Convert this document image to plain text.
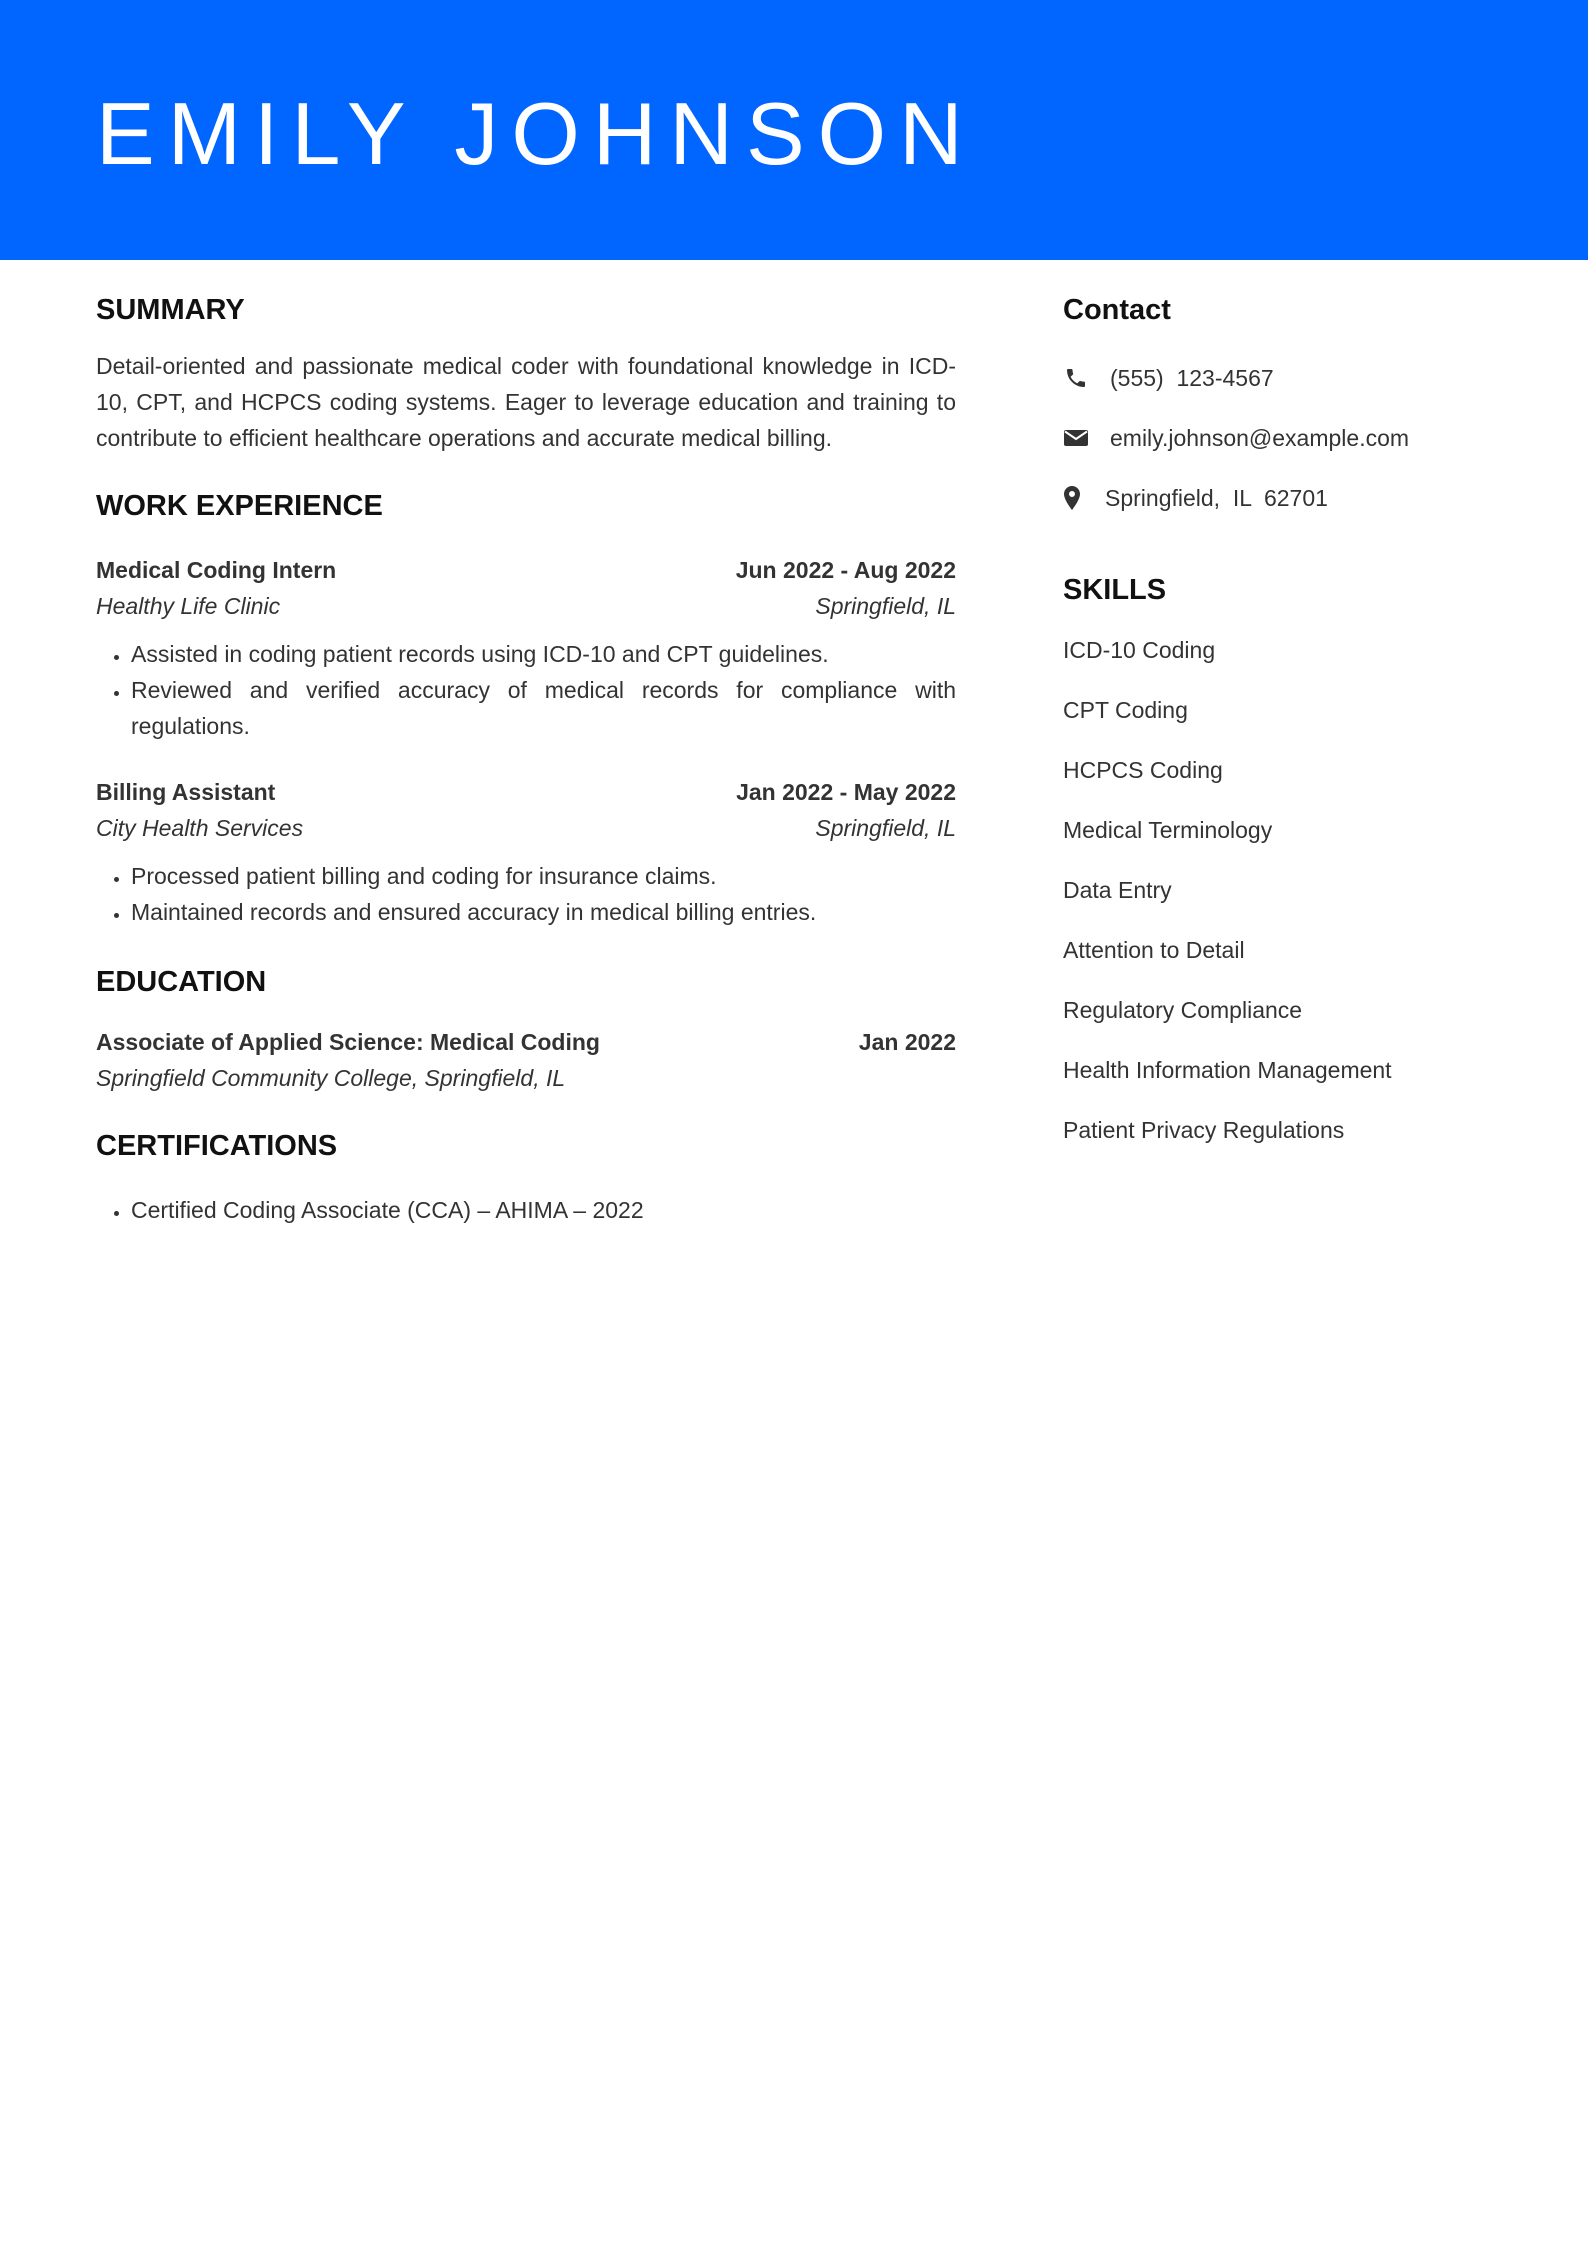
EMILY JOHNSON
SUMMARY

Detail-oriented and passionate medical coder with foundational knowledge in ICD-10, CPT, and HCPCS coding systems. Eager to leverage education and training to contribute to efficient healthcare operations and accurate medical billing.

WORK EXPERIENCE
Medical Coding Intern	Jun 2022 - Aug 2022
Healthy Life Clinic	Springfield, IL
• Assisted in coding patient records using ICD-10 and CPT guidelines.
• Reviewed and verified accuracy of medical records for compliance with regulations.
Billing Assistant	Jan 2022 - May 2022
City Health Services	Springfield, IL
• Processed patient billing and coding for insurance claims.
• Maintained records and ensured accuracy in medical billing entries.
EDUCATION
Associate of Applied Science: Medical Coding	Jan 2022
Springfield Community College, Springfield, IL
CERTIFICATIONS
• Certified Coding Associate (CCA) – AHIMA – 2022
Contact
(555)  123-4567
emily.johnson@example.com
Springfield,  IL  62701
SKILLS
ICD-10 Coding
CPT Coding
HCPCS Coding
Medical Terminology
Data Entry
Attention to Detail
Regulatory Compliance
Health Information Management
Patient Privacy Regulations
